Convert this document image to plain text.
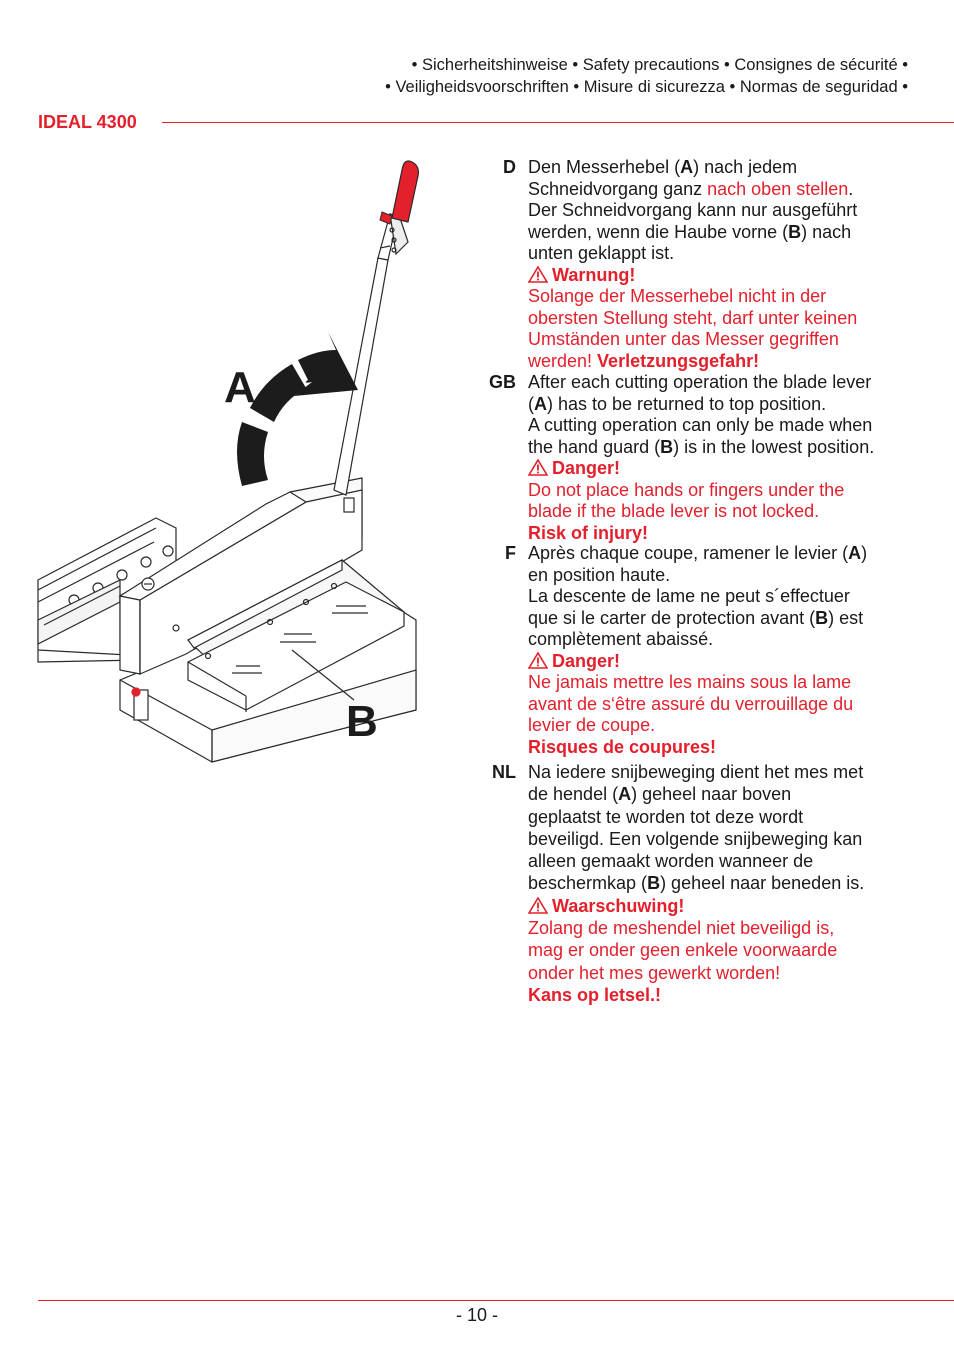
• Sicherheitshinweise • Safety precautions • Consignes de sécurité •
• Veiligheidsvoorschriften • Misure di sicurezza • Normas de seguridad •
IDEAL 4300
A
B
D Den Messerhebel (A) nach jedem
Schneidvorgang ganz nach oben stellen.
Der Schneidvorgang kann nur ausgeführt
werden, wenn die Haube vorne (B) nach
unten geklappt ist.
Warnung!
Solange der Messerhebel nicht in der
obersten Stellung steht, darf unter keinen
Umständen unter das Messer gegriffen
werden! Verletzungsgefahr!
GB After each cutting operation the blade lever
(A) has to be returned to top position.
A cutting operation can only be made when
the hand guard (B) is in the lowest position.
Danger!
Do not place hands or fingers under the
blade if the blade lever is not locked.
Risk of injury!
F Après chaque coupe, ramener le levier (A)
en position haute.
La descente de lame ne peut s´effectuer
que si le carter de protection avant (B) est
complètement abaissé.
Danger!
Ne jamais mettre les mains sous la lame
avant de s‘être assuré du verrouillage du
levier de coupe.
Risques de coupures!
NL Na iedere snijbeweging dient het mes met
de hendel (A) geheel naar boven
geplaatst te worden tot deze wordt
beveiligd. Een volgende snijbeweging kan
alleen gemaakt worden wanneer de
beschermkap (B) geheel naar beneden is.
Waarschuwing!
Zolang de meshendel niet beveiligd is,
mag er onder geen enkele voorwaarde
onder het mes gewerkt worden!
Kans op letsel.!
- 10 -
